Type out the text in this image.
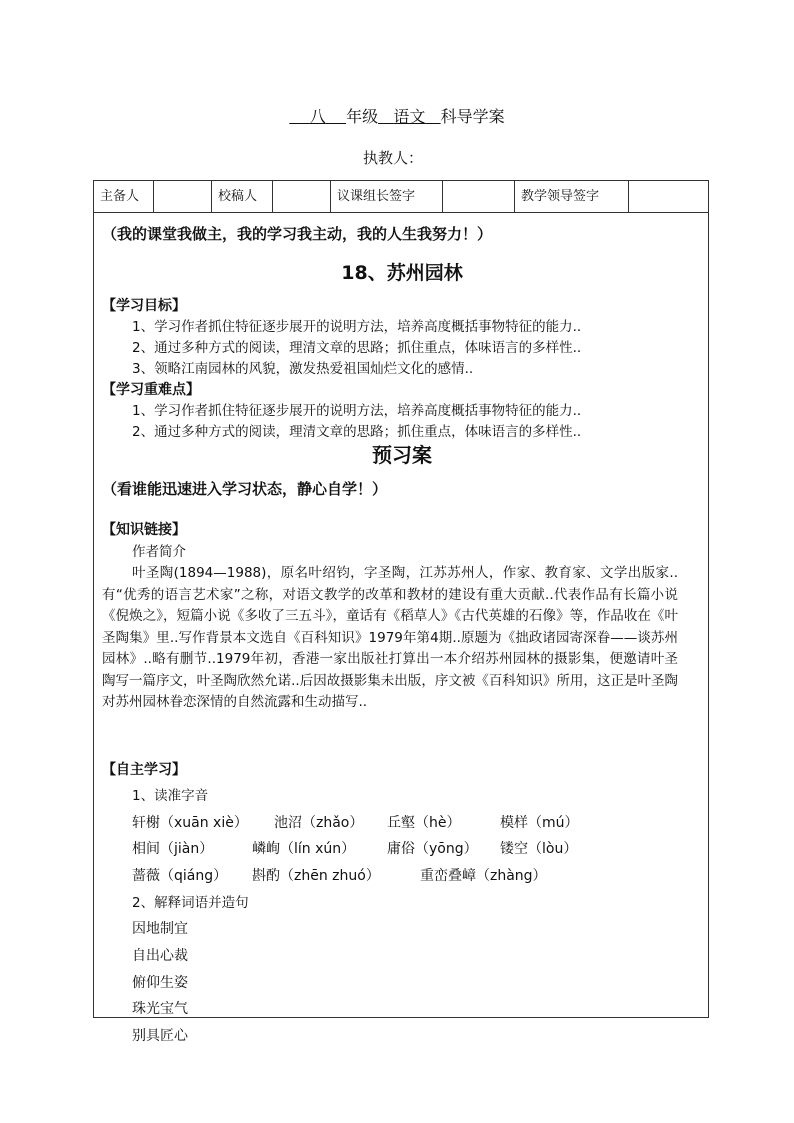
八 年级 语文 科导学案
执教人：
主备人	校稿人	议课组长签字	教学领导签字
（我的课堂我做主，我的学习我主动，我的人生我努力！）
18、苏州园林
【学习目标】
1、学习作者抓住特征逐步展开的说明方法，培养高度概括事物特征的能力..
2、通过多种方式的阅读，理清文章的思路；抓住重点，体味语言的多样性..
3、领略江南园林的风貌，激发热爱祖国灿烂文化的感情..
【学习重难点】
1、学习作者抓住特征逐步展开的说明方法，培养高度概括事物特征的能力..
2、通过多种方式的阅读，理清文章的思路；抓住重点，体味语言的多样性..
预习案
（看谁能迅速进入学习状态，静心自学！）
【知识链接】
作者简介
叶圣陶(1894—1988)，原名叶绍钧，字圣陶，江苏苏州人，作家、教育家、文学出版家..有“优秀的语言艺术家”之称，对语文教学的改革和教材的建设有重大贡献..代表作品有长篇小说《倪焕之》，短篇小说《多收了三五斗》，童话有《稻草人》《古代英雄的石像》等，作品收在《叶圣陶集》里..写作背景本文选自《百科知识》1979年第4期..原题为《拙政诸园寄深眷——谈苏州园林》..略有删节..1979年初，香港一家出版社打算出一本介绍苏州园林的摄影集，便邀请叶圣陶写一篇序文，叶圣陶欣然允诺..后因故摄影集未出版，序文被《百科知识》所用，这正是叶圣陶对苏州园林眷恋深情的自然流露和生动描写..
【自主学习】
1、读准字音
轩榭（xuān xiè） 池沼（zhǎo） 丘壑（hè）	模样（mú）
相间（jiàn）	嶙峋（lín xún） 庸俗（yōng） 镂空（lòu）
蔷薇（qiáng） 斟酌（zhēn zhuó）	重峦叠嶂（zhàng）
2、解释词语并造句
因地制宜
自出心裁
俯仰生姿
珠光宝气
别具匠心
